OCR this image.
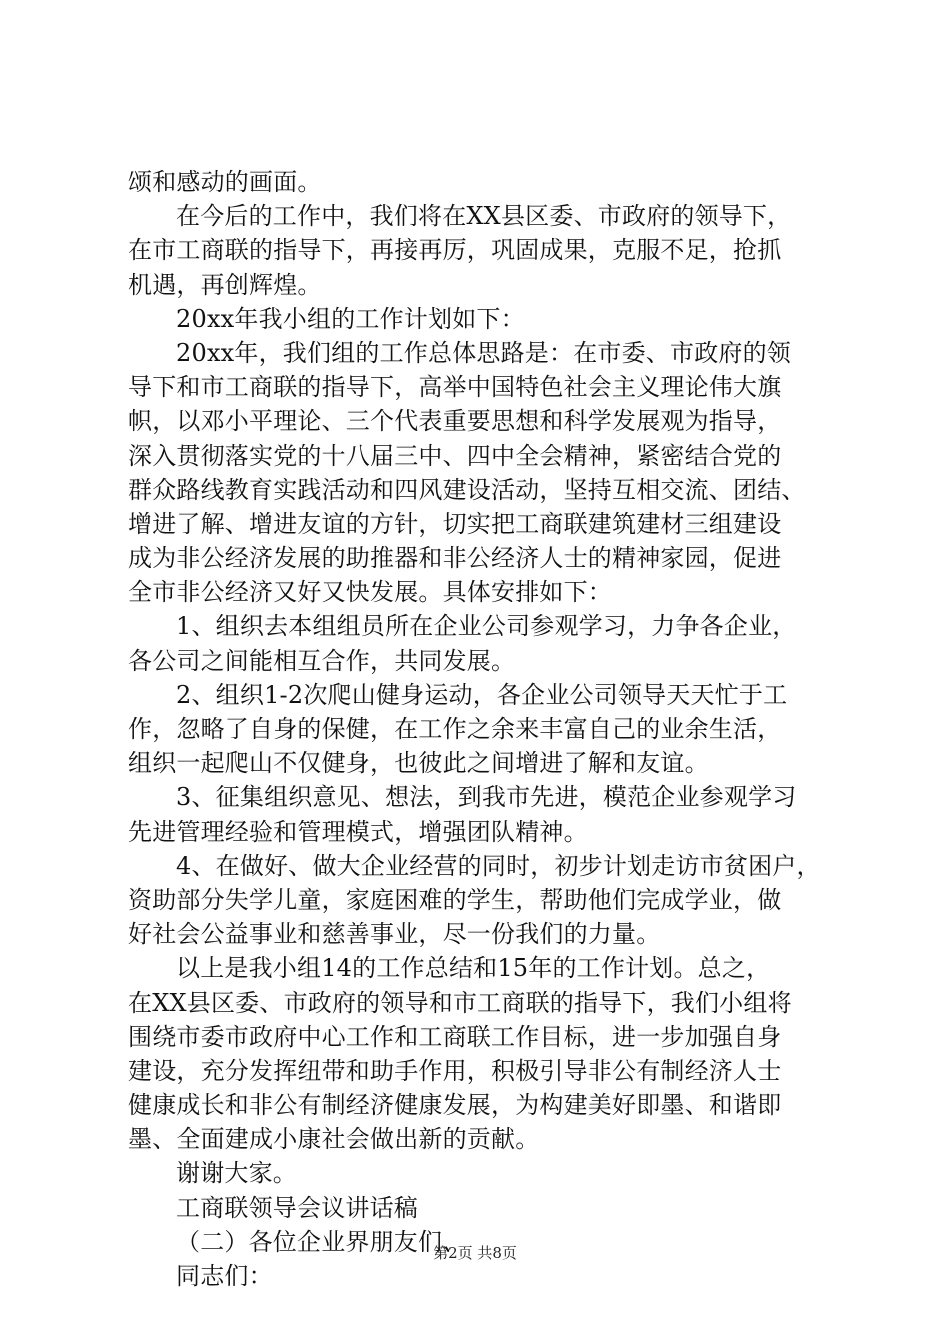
颂和感动的画面。
在今后的工作中，我们将在XX县区委、市政府的领导下，
在市工商联的指导下，再接再厉，巩固成果，克服不足，抢抓
机遇，再创辉煌。
20xx年我小组的工作计划如下：
20xx年，我们组的工作总体思路是：在市委、市政府的领
导下和市工商联的指导下，高举中国特色社会主义理论伟大旗
帜，以邓小平理论、三个代表重要思想和科学发展观为指导，
深入贯彻落实党的十八届三中、四中全会精神，紧密结合党的
群众路线教育实践活动和四风建设活动，坚持互相交流、团结、
增进了解、增进友谊的方针，切实把工商联建筑建材三组建设
成为非公经济发展的助推器和非公经济人士的精神家园，促进
全市非公经济又好又快发展。具体安排如下：
1、组织去本组组员所在企业公司参观学习，力争各企业，
各公司之间能相互合作，共同发展。
2、组织1-2次爬山健身运动，各企业公司领导天天忙于工
作，忽略了自身的保健，在工作之余来丰富自己的业余生活，
组织一起爬山不仅健身，也彼此之间增进了解和友谊。
3、征集组织意见、想法，到我市先进，模范企业参观学习
先进管理经验和管理模式，增强团队精神。
4、在做好、做大企业经营的同时，初步计划走访市贫困户，
资助部分失学儿童，家庭困难的学生，帮助他们完成学业，做
好社会公益事业和慈善事业，尽一份我们的力量。
以上是我小组14的工作总结和15年的工作计划。总之，
在XX县区委、市政府的领导和市工商联的指导下，我们小组将
围绕市委市政府中心工作和工商联工作目标，进一步加强自身
建设，充分发挥纽带和助手作用，积极引导非公有制经济人士
健康成长和非公有制经济健康发展，为构建美好即墨、和谐即
墨、全面建成小康社会做出新的贡献。
谢谢大家。
工商联领导会议讲话稿
（二）各位企业界朋友们、
同志们：
第2页 共8页
